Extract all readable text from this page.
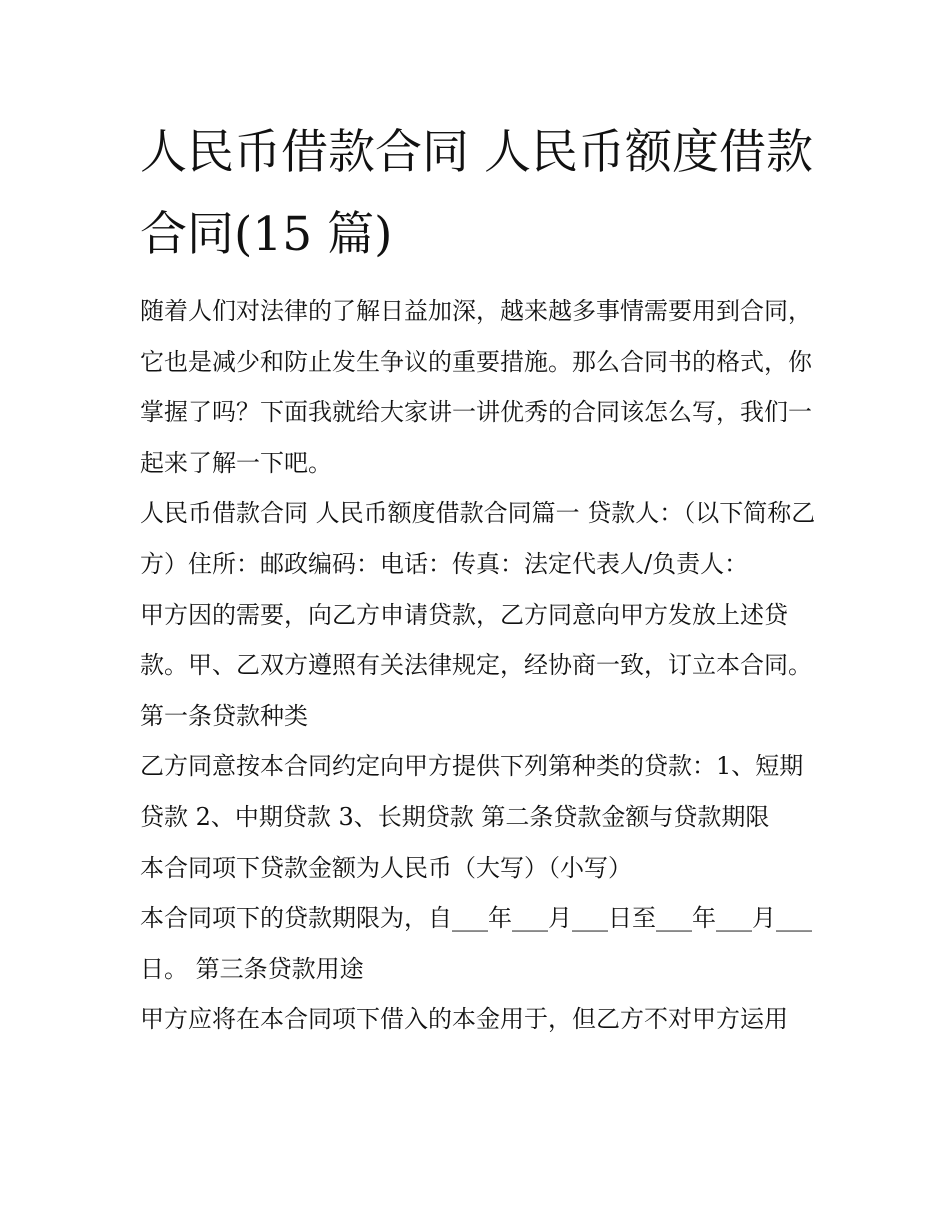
人民币借款合同 人民币额度借款合同(15 篇)

随着人们对法律的了解日益加深，越来越多事情需要用到合同，它也是减少和防止发生争议的重要措施。那么合同书的格式，你掌握了吗？下面我就给大家讲一讲优秀的合同该怎么写，我们一起来了解一下吧。

人民币借款合同 人民币额度借款合同篇一 贷款人：（以下简称乙方）住所：邮政编码：电话：传真：法定代表人/负责人：

甲方因的需要，向乙方申请贷款，乙方同意向甲方发放上述贷款。甲、乙双方遵照有关法律规定，经协商一致，订立本合同。 第一条贷款种类

乙方同意按本合同约定向甲方提供下列第种类的贷款：1、短期贷款 2、中期贷款 3、长期贷款 第二条贷款金额与贷款期限

本合同项下贷款金额为人民币（大写）（小写）

本合同项下的贷款期限为，自___年___月___日至___年___月___日。 第三条贷款用途

甲方应将在本合同项下借入的本金用于，但乙方不对甲方运用
